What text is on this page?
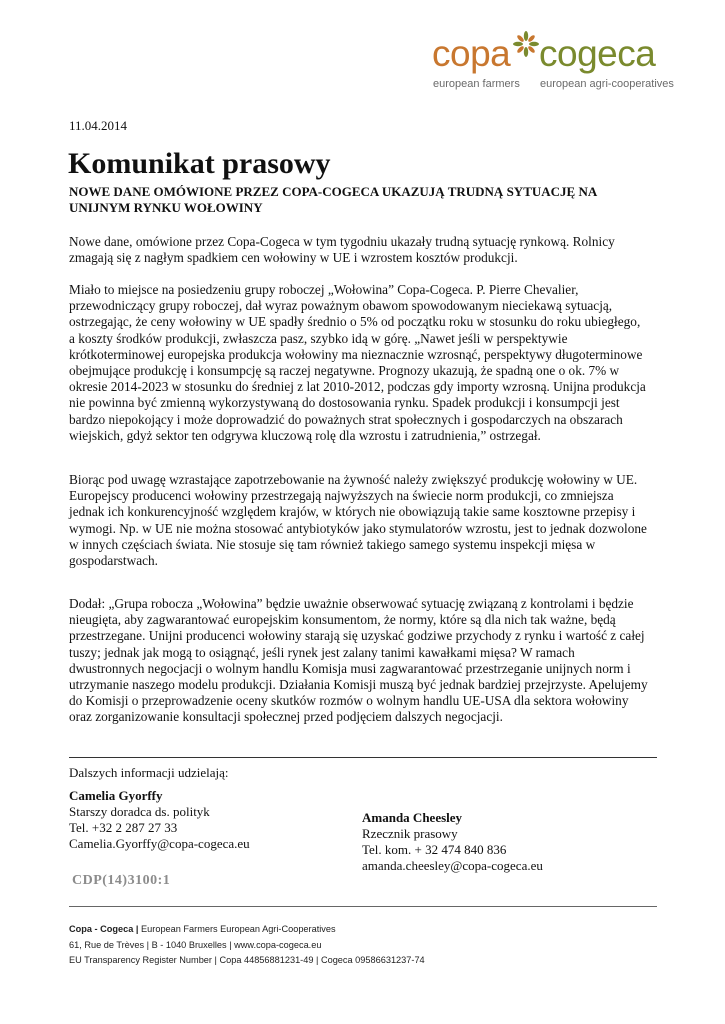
copa cogeca
european farmers european agri-cooperatives
11.04.2014
Komunikat prasowy
NOWE DANE OMÓWIONE PRZEZ COPA-COGECA UKAZUJĄ TRUDNĄ SYTUACJĘ NA UNIJNYM RYNKU WOŁOWINY

Nowe dane, omówione przez Copa-Cogeca w tym tygodniu ukazały trudną sytuację rynkową. Rolnicy zmagają się z nagłym spadkiem cen wołowiny w UE i wzrostem kosztów produkcji.

Miało to miejsce na posiedzeniu grupy roboczej „Wołowina” Copa-Cogeca. P. Pierre Chevalier, przewodniczący grupy roboczej, dał wyraz poważnym obawom spowodowanym nieciekawą sytuacją, ostrzegając, że ceny wołowiny w UE spadły średnio o 5% od początku roku w stosunku do roku ubiegłego, a koszty środków produkcji, zwłaszcza pasz, szybko idą w górę. „Nawet jeśli w perspektywie krótkoterminowej europejska produkcja wołowiny ma nieznacznie wzrosnąć, perspektywy długoterminowe obejmujące produkcję i konsumpcję są raczej negatywne. Prognozy ukazują, że spadną one o ok. 7% w okresie 2014-2023 w stosunku do średniej z lat 2010-2012, podczas gdy importy wzrosną. Unijna produkcja nie powinna być zmienną wykorzystywaną do dostosowania rynku. Spadek produkcji i konsumpcji jest bardzo niepokojący i może doprowadzić do poważnych strat społecznych i gospodarczych na obszarach wiejskich, gdyż sektor ten odgrywa kluczową rolę dla wzrostu i zatrudnienia,” ostrzegał.

Biorąc pod uwagę wzrastające zapotrzebowanie na żywność należy zwiększyć produkcję wołowiny w UE. Europejscy producenci wołowiny przestrzegają najwyższych na świecie norm produkcji, co zmniejsza jednak ich konkurencyjność względem krajów, w których nie obowiązują takie same kosztowne przepisy i wymogi. Np. w UE nie można stosować antybiotyków jako stymulatorów wzrostu, jest to jednak dozwolone w innych częściach świata. Nie stosuje się tam również takiego samego systemu inspekcji mięsa w gospodarstwach.

Dodał: „Grupa robocza „Wołowina” będzie uważnie obserwować sytuację związaną z kontrolami i będzie nieugięta, aby zagwarantować europejskim konsumentom, że normy, które są dla nich tak ważne, będą przestrzegane. Unijni producenci wołowiny starają się uzyskać godziwe przychody z rynku i wartość z całej tuszy; jednak jak mogą to osiągnąć, jeśli rynek jest zalany tanimi kawałkami mięsa? W ramach dwustronnych negocjacji o wolnym handlu Komisja musi zagwarantować przestrzeganie unijnych norm i utrzymanie naszego modelu produkcji. Działania Komisji muszą być jednak bardziej przejrzyste. Apelujemy do Komisji o przeprowadzenie oceny skutków rozmów o wolnym handlu UE-USA dla sektora wołowiny oraz zorganizowanie konsultacji społecznej przed podjęciem dalszych negocjacji.

Dalszych informacji udzielają:
Camelia Gyorffy
Starszy doradca ds. polityk
Tel. +32 2 287 27 33
Camelia.Gyorffy@copa-cogeca.eu
Amanda Cheesley
Rzecznik prasowy
Tel. kom. + 32 474 840 836
amanda.cheesley@copa-cogeca.eu
CDP(14)3100:1
Copa - Cogeca | European Farmers European Agri-Cooperatives
61, Rue de Trèves | B - 1040 Bruxelles | www.copa-cogeca.eu
EU Transparency Register Number | Copa 44856881231-49 | Cogeca 09586631237-74
